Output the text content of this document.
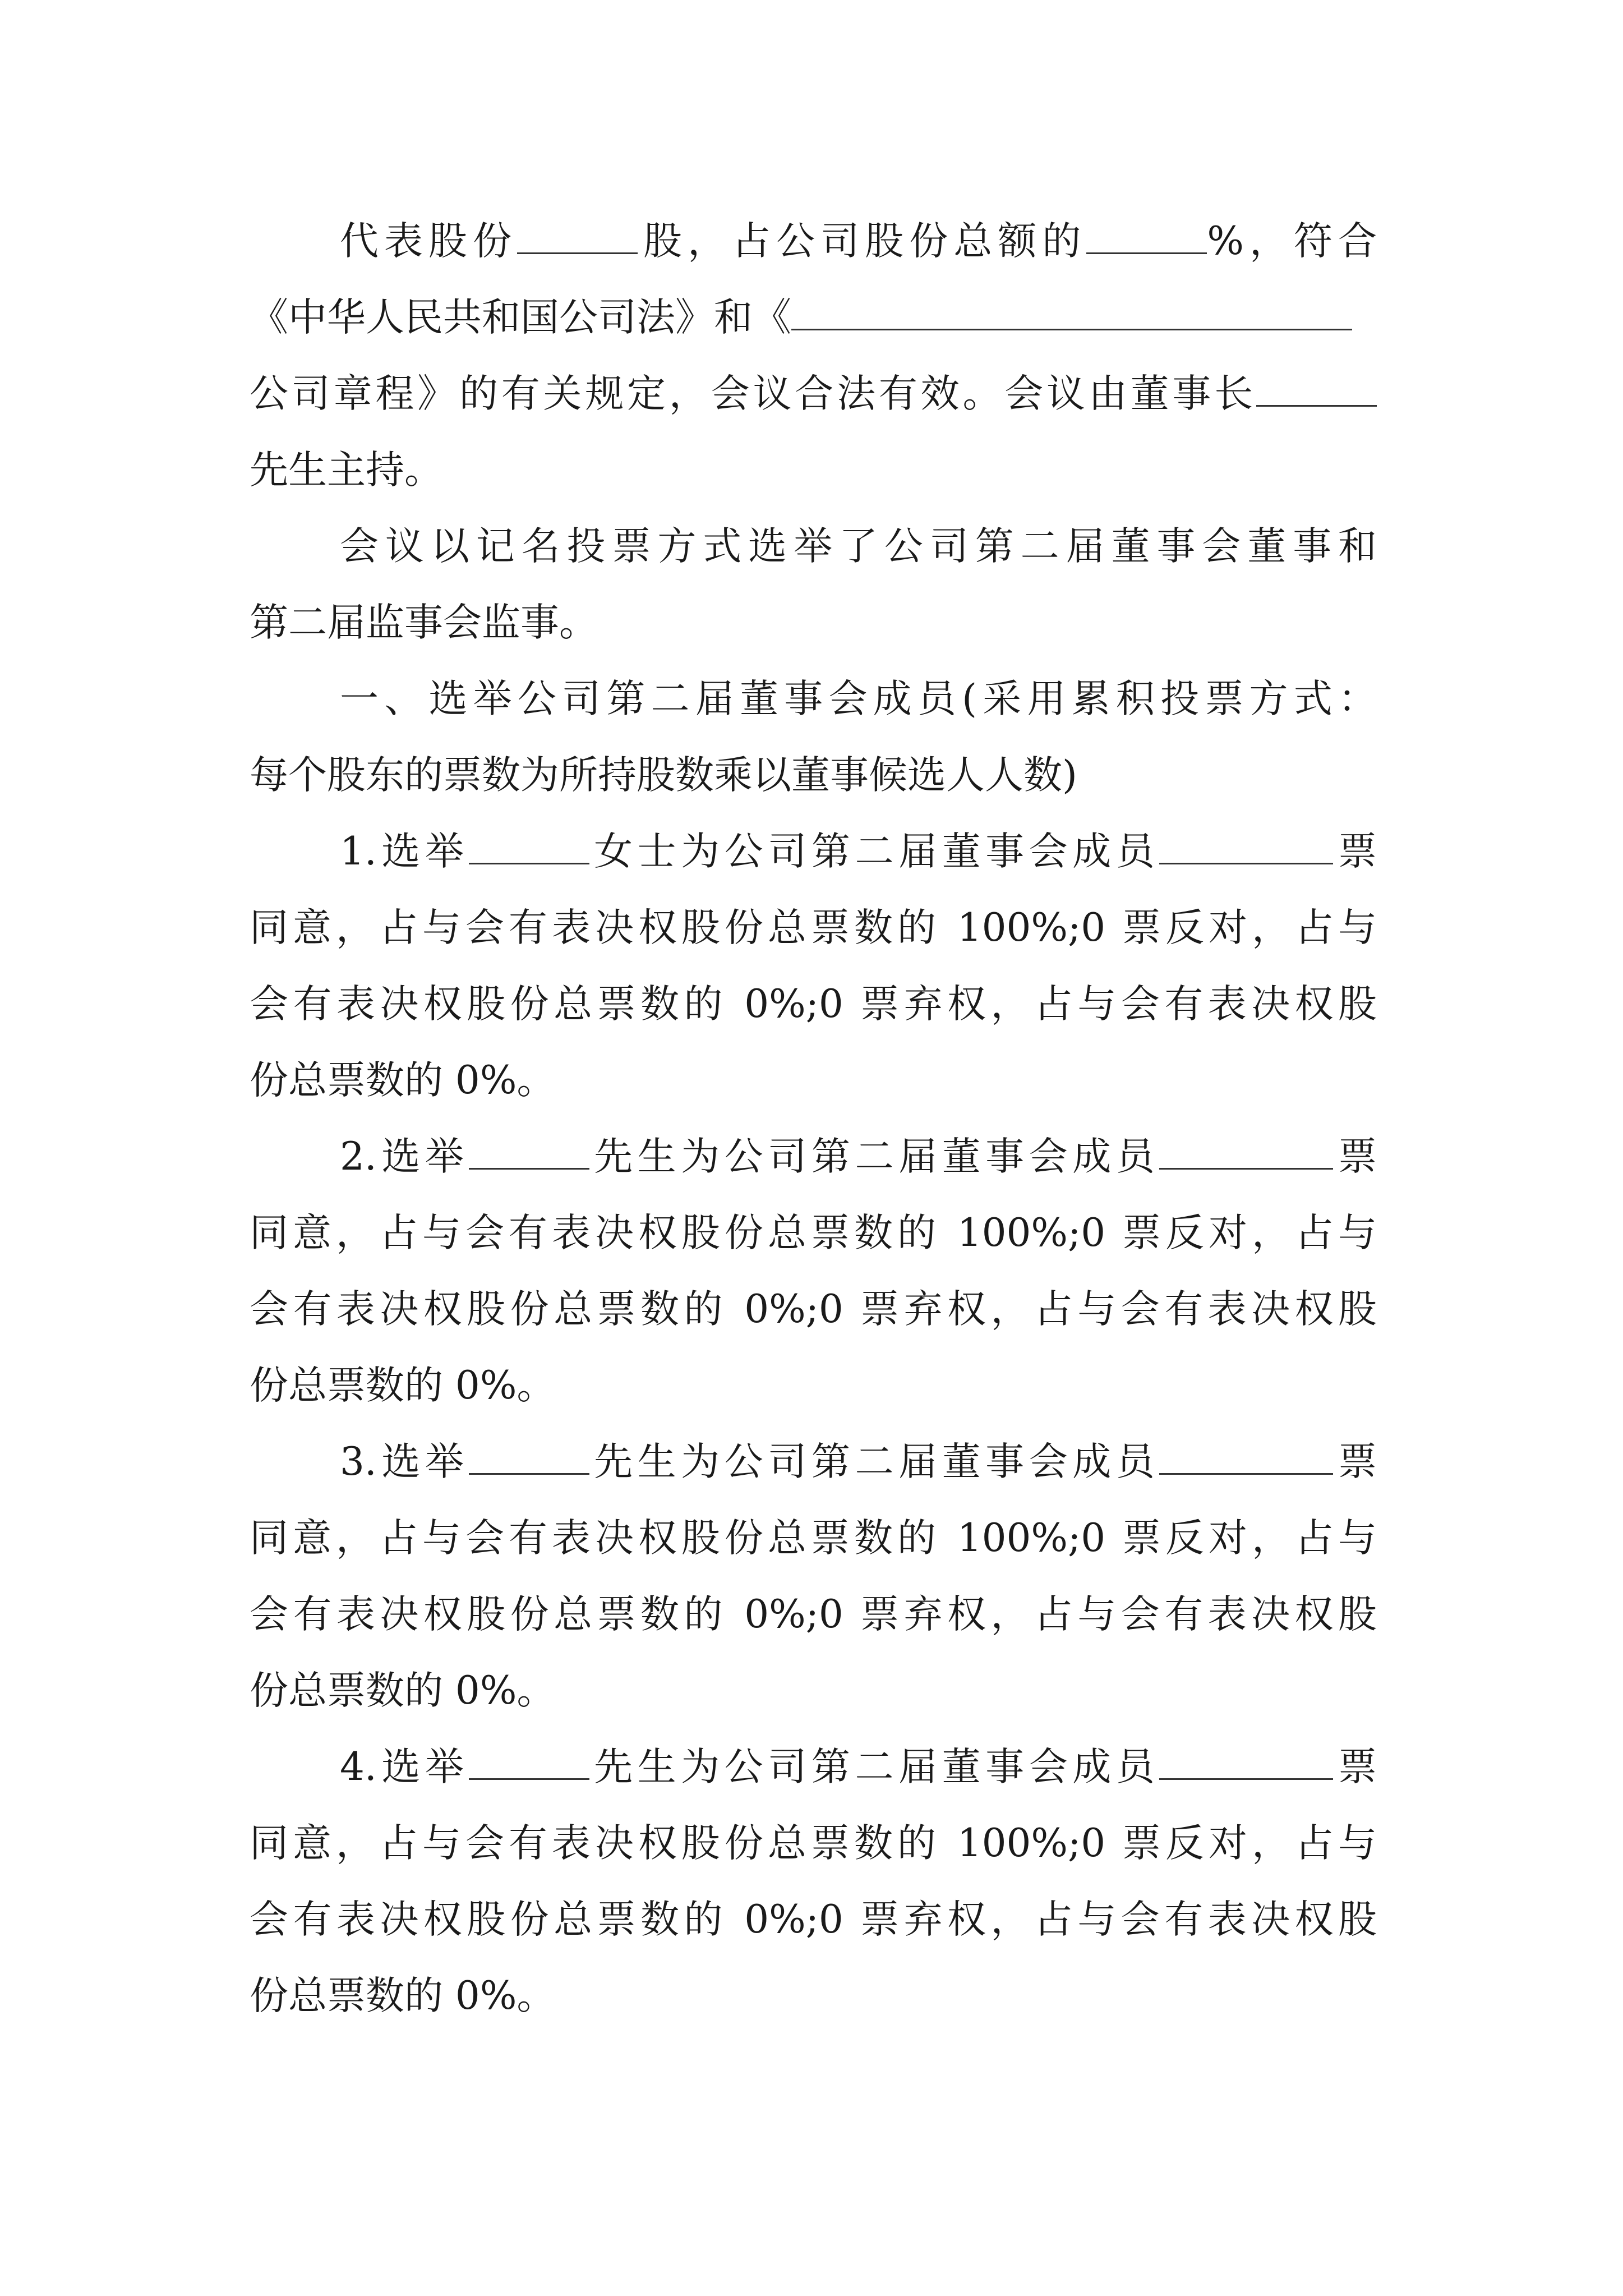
代表股份	股，占公司股份总额的	%，符合
《中华人民共和国公司法》和《
公司章程》的有关规定，会议合法有效。会议由董事长
先生主持。
会议以记名投票方式选举了公司第二届董事会董事和
第二届监事会监事。
一、选举公司第二届董事会成员(采用累积投票方式：
每个股东的票数为所持股数乘以董事候选人人数)
1.选举	女士为公司第二届董事会成员	票
同意，占与会有表决权股份总票数的 100%;0 票反对，占与
会有表决权股份总票数的 0%;0 票弃权，占与会有表决权股
份总票数的 0%。
2.选举	先生为公司第二届董事会成员	票
同意，占与会有表决权股份总票数的 100%;0 票反对，占与
会有表决权股份总票数的 0%;0 票弃权，占与会有表决权股
份总票数的 0%。
3.选举	先生为公司第二届董事会成员	票
同意，占与会有表决权股份总票数的 100%;0 票反对，占与
会有表决权股份总票数的 0%;0 票弃权，占与会有表决权股
份总票数的 0%。
4.选举	先生为公司第二届董事会成员	票
同意，占与会有表决权股份总票数的 100%;0 票反对，占与
会有表决权股份总票数的 0%;0 票弃权，占与会有表决权股
份总票数的 0%。
